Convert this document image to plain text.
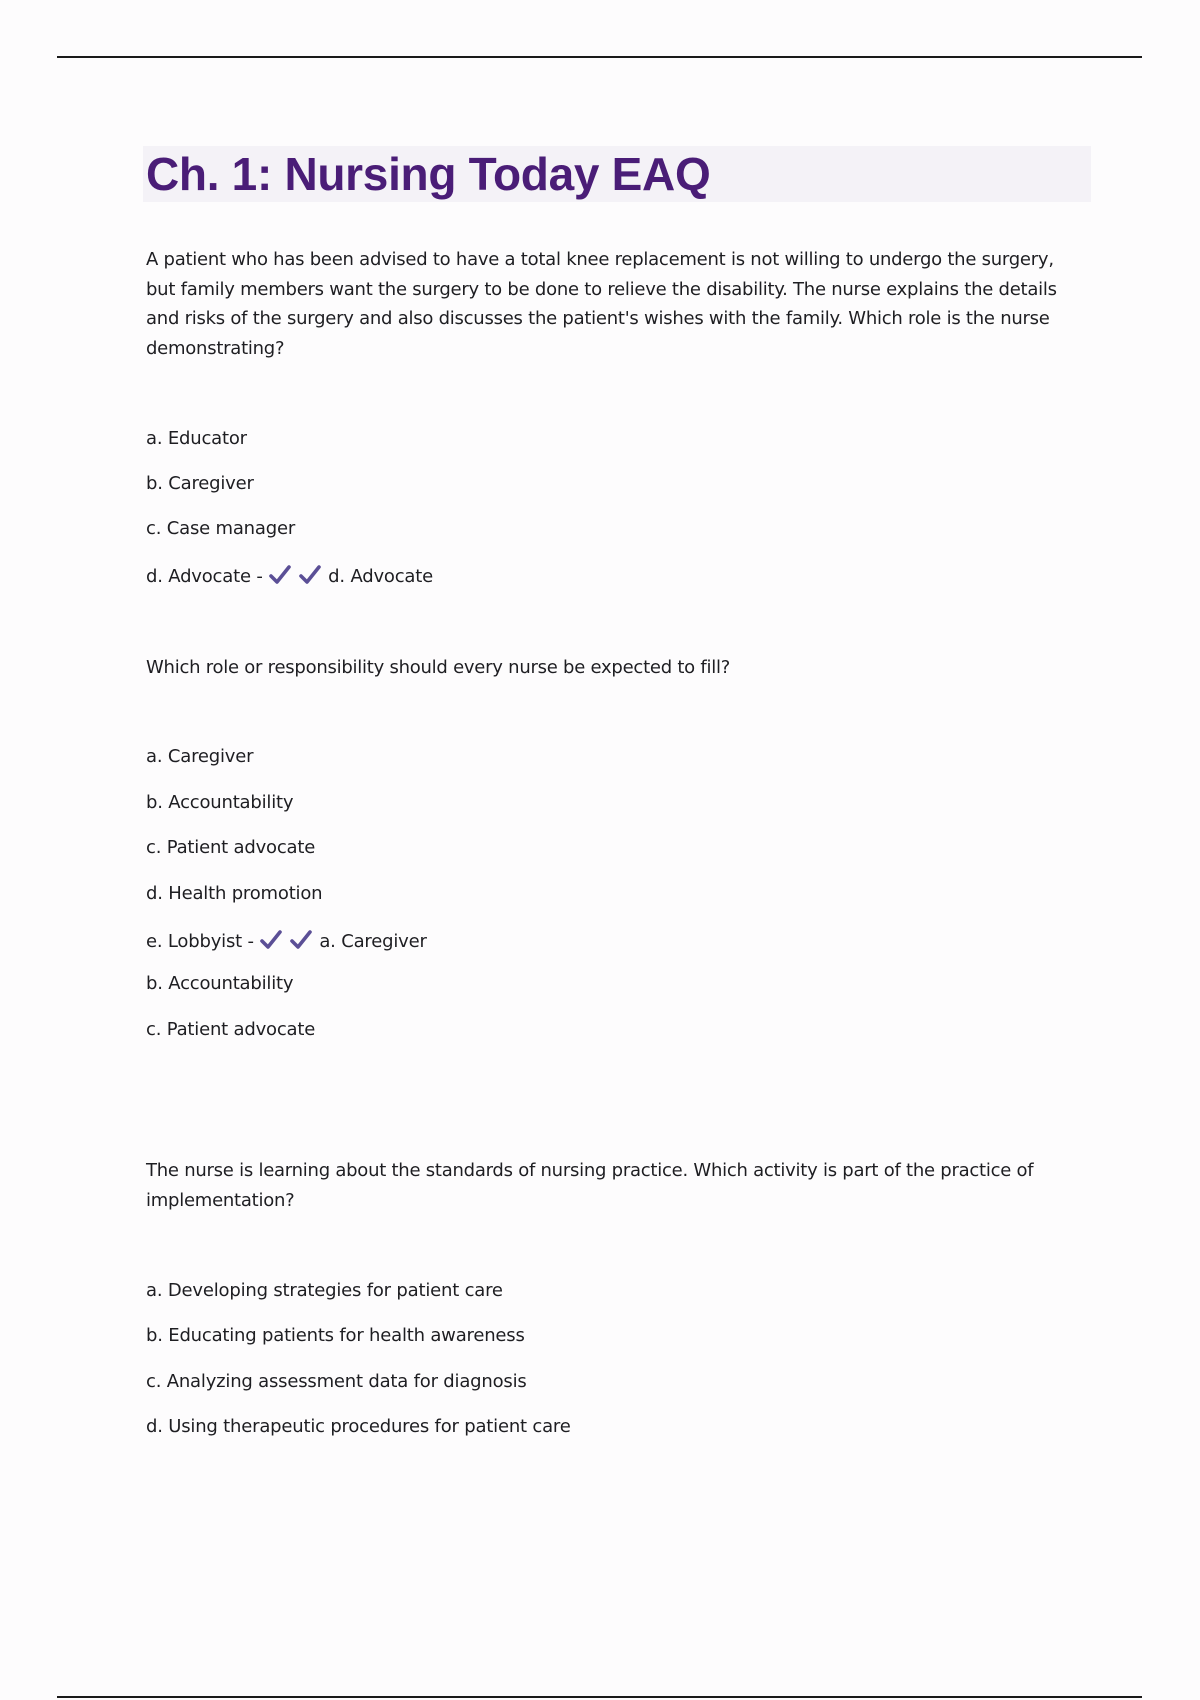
Ch. 1: Nursing Today EAQ

A patient who has been advised to have a total knee replacement is not willing to undergo the surgery, but family members want the surgery to be done to relieve the disability. The nurse explains the details and risks of the surgery and also discusses the patient's wishes with the family. Which role is the nurse demonstrating?

a. Educator

b. Caregiver

c. Case manager

d. Advocate -	d. Advocate

Which role or responsibility should every nurse be expected to fill?

a. Caregiver

b. Accountability

c. Patient advocate

d. Health promotion

e. Lobbyist -	a. Caregiver

b. Accountability

c. Patient advocate

The nurse is learning about the standards of nursing practice. Which activity is part of the practice of implementation?

a. Developing strategies for patient care

b. Educating patients for health awareness

c. Analyzing assessment data for diagnosis

d. Using therapeutic procedures for patient care
